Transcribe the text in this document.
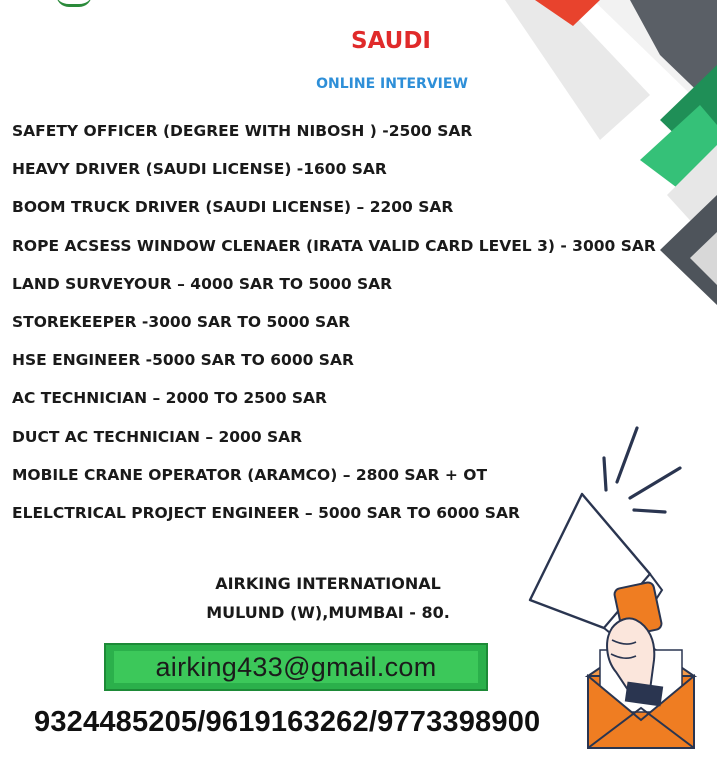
SAUDI
ONLINE INTERVIEW
SAFETY OFFICER (DEGREE WITH NIBOSH ) -2500 SAR
HEAVY DRIVER (SAUDI LICENSE) -1600 SAR
BOOM TRUCK DRIVER (SAUDI LICENSE) – 2200 SAR
ROPE ACSESS WINDOW CLENAER (IRATA VALID CARD LEVEL 3) - 3000 SAR
LAND SURVEYOUR – 4000 SAR TO 5000 SAR
STOREKEEPER -3000 SAR TO 5000 SAR
HSE ENGINEER -5000 SAR TO 6000 SAR
AC TECHNICIAN – 2000 TO 2500 SAR
DUCT AC TECHNICIAN – 2000 SAR
MOBILE CRANE OPERATOR (ARAMCO) – 2800 SAR + OT
ELELCTRICAL PROJECT ENGINEER – 5000 SAR TO 6000 SAR
AIRKING INTERNATIONAL
MULUND (W),MUMBAI - 80.
airking433@gmail.com
9324485205/9619163262/9773398900
